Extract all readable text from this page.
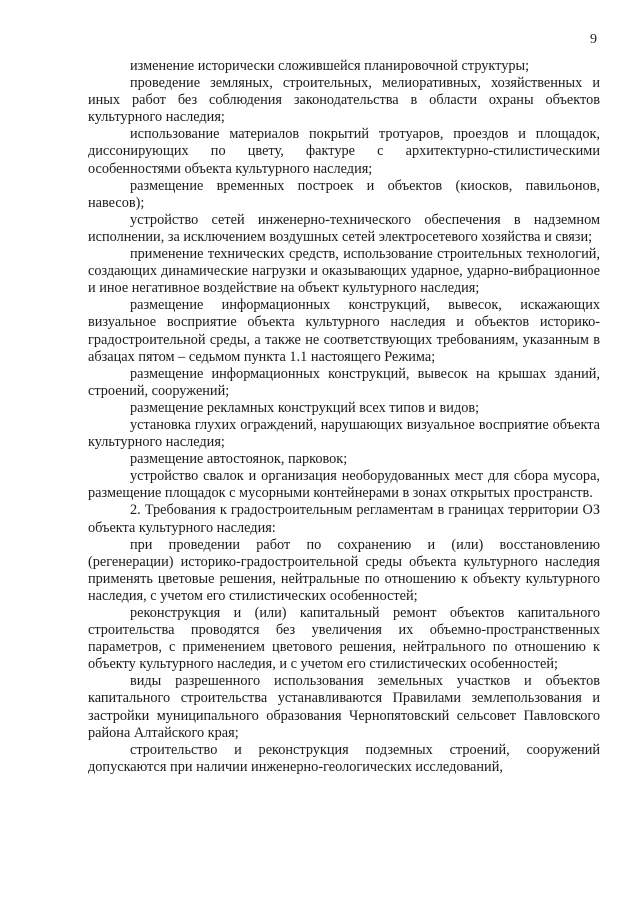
9

изменение исторически сложившейся планировочной структуры;

проведение земляных, строительных, мелиоративных, хозяйственных и иных работ без соблюдения законодательства в области охраны объектов культурного наследия;

использование материалов покрытий тротуаров, проездов и площадок, диссонирующих по цвету, фактуре с архитектурно-стилистическими особенностями объекта культурного наследия;

размещение временных построек и объектов (киосков, павильонов, навесов);

устройство сетей инженерно-технического обеспечения в надземном исполнении, за исключением воздушных сетей электросетевого хозяйства и связи;

применение технических средств, использование строительных технологий, создающих динамические нагрузки и оказывающих ударное, ударно-вибрационное и иное негативное воздействие на объект культурного наследия;

размещение информационных конструкций, вывесок, искажающих визуальное восприятие объекта культурного наследия и объектов историко-градостроительной среды, а также не соответствующих требованиям, указанным в абзацах пятом – седьмом пункта 1.1 настоящего Режима;

размещение информационных конструкций, вывесок на крышах зданий, строений, сооружений;

размещение рекламных конструкций всех типов и видов;

установка глухих ограждений, нарушающих визуальное восприятие объекта культурного наследия;

размещение автостоянок, парковок;

устройство свалок и организация необорудованных мест для сбора мусора, размещение площадок с мусорными контейнерами в зонах открытых пространств.

2. Требования к градостроительным регламентам в границах территории ОЗ объекта культурного наследия:

при проведении работ по сохранению и (или) восстановлению (регенерации) историко-градостроительной среды объекта культурного наследия применять цветовые решения, нейтральные по отношению к объекту культурного наследия, с учетом его стилистических особенностей;

реконструкция и (или) капитальный ремонт объектов капитального строительства проводятся без увеличения их объемно-пространственных параметров, с применением цветового решения, нейтрального по отношению к объекту культурного наследия, и с учетом его стилистических особенностей;

виды разрешенного использования земельных участков и объектов капитального строительства устанавливаются Правилами землепользования и застройки муниципального образования Чернопятовский сельсовет Павловского района Алтайского края;

строительство и реконструкция подземных строений, сооружений допускаются при наличии инженерно-геологических исследований,
